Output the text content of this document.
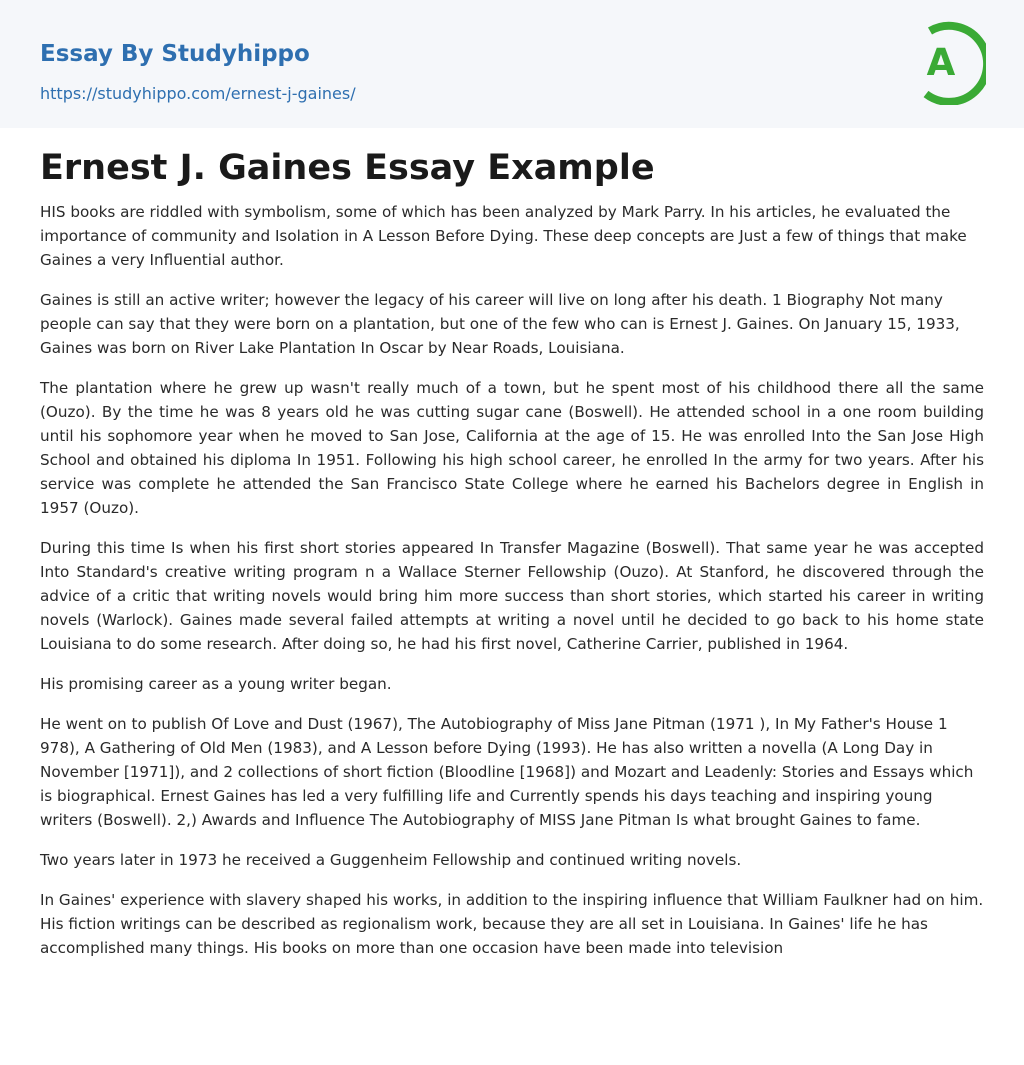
Essay By Studyhippo
https://studyhippo.com/ernest-j-gaines/
A
Ernest J. Gaines Essay Example

HIS books are riddled with symbolism, some of which has been analyzed by Mark Parry. In his articles, he evaluated the importance of community and Isolation in A Lesson Before Dying. These deep concepts are Just a few of things that make Gaines a very Influential author.

Gaines is still an active writer; however the legacy of his career will live on long after his death. 1 Biography Not many people can say that they were born on a plantation, but one of the few who can is Ernest J. Gaines. On January 15, 1933, Gaines was born on River Lake Plantation In Oscar by Near Roads, Louisiana.

The plantation where he grew up wasn't really much of a town, but he spent most of his childhood there all the same (Ouzo). By the time he was 8 years old he was cutting sugar cane (Boswell). He attended school in a one room building until his sophomore year when he moved to San Jose, California at the age of 15. He was enrolled Into the San Jose High School and obtained his diploma In 1951. Following his high school career, he enrolled In the army for two years. After his service was complete he attended the San Francisco State College where he earned his Bachelors degree in English in 1957 (Ouzo).

During this time Is when his first short stories appeared In Transfer Magazine (Boswell). That same year he was accepted Into Standard's creative writing program n a Wallace Sterner Fellowship (Ouzo). At Stanford, he discovered through the advice of a critic that writing novels would bring him more success than short stories, which started his career in writing novels (Warlock). Gaines made several failed attempts at writing a novel until he decided to go back to his home state Louisiana to do some research. After doing so, he had his first novel, Catherine Carrier, published in 1964.

His promising career as a young writer began.

He went on to publish Of Love and Dust (1967), The Autobiography of Miss Jane Pitman (1971 ), In My Father's House 1 978), A Gathering of Old Men (1983), and A Lesson before Dying (1993). He has also written a novella (A Long Day in November [1971]), and 2 collections of short fiction (Bloodline [1968]) and Mozart and Leadenly: Stories and Essays which is biographical. Ernest Gaines has led a very fulfilling life and Currently spends his days teaching and inspiring young writers (Boswell). 2,) Awards and Influence The Autobiography of MISS Jane Pitman Is what brought Gaines to fame.

Two years later in 1973 he received a Guggenheim Fellowship and continued writing novels.

In Gaines' experience with slavery shaped his works, in addition to the inspiring influence that William Faulkner had on him. His fiction writings can be described as regionalism work, because they are all set in Louisiana. In Gaines' life he has accomplished many things. His books on more than one occasion have been made into television
